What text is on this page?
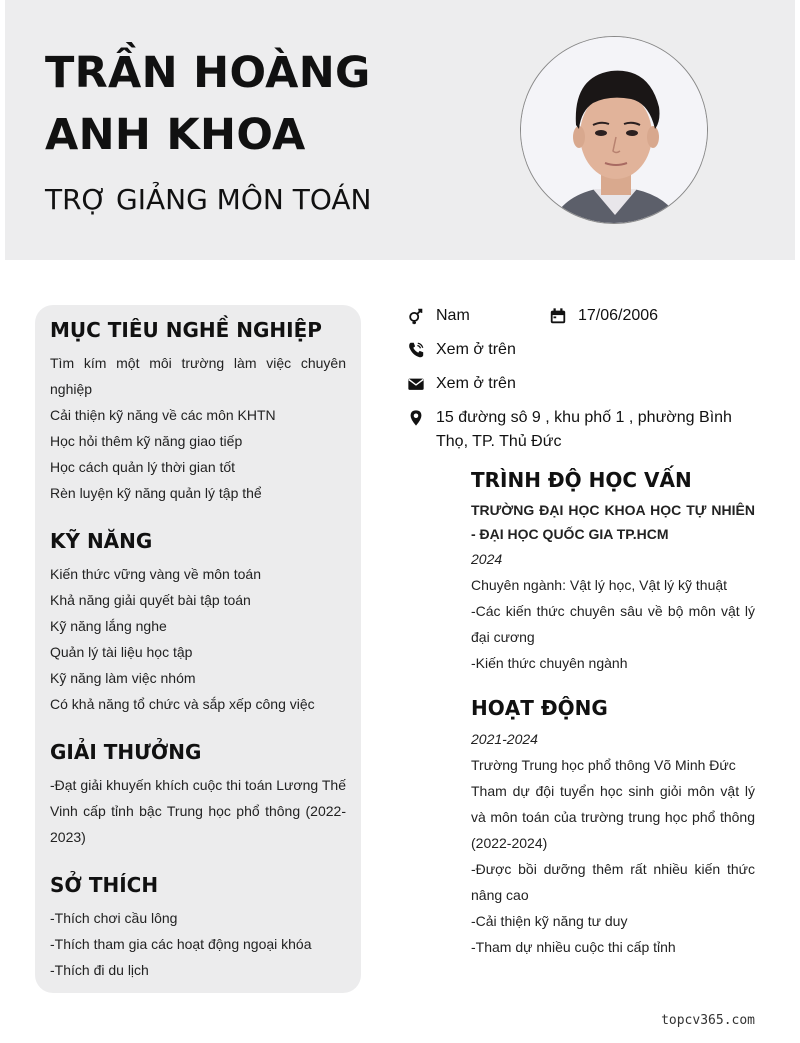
TRẦN HOÀNG
ANH KHOA
TRỢ GIẢNG MÔN TOÁN
MỤC TIÊU NGHỀ NGHIỆP

Tìm kím một môi trường làm việc chuyên nghiệp

Cải thiện kỹ năng về các môn KHTN

Học hỏi thêm kỹ năng giao tiếp

Học cách quản lý thời gian tốt

Rèn luyện kỹ năng quản lý tập thể

KỸ NĂNG

Kiến thức vững vàng về môn toán

Khả năng giải quyết bài tập toán

Kỹ năng lắng nghe

Quản lý tài liệu học tập

Kỹ năng làm việc nhóm

Có khả năng tổ chức và sắp xếp công việc

GIẢI THƯỞNG
-Đạt giải khuyến khích cuộc thi toán Lương Thế Vinh cấp tỉnh bậc Trung học phổ thông (2022-2023)
SỞ THÍCH

-Thích chơi cầu lông

-Thích tham gia các hoạt động ngoại khóa

-Thích đi du lịch

Nam	17/06/2006
Xem ở trên
Xem ở trên
15 đường sô 9 , khu phố 1 , phường Bình Thọ, TP. Thủ Đức
TRÌNH ĐỘ HỌC VẤN

TRƯỜNG ĐẠI HỌC KHOA HỌC TỰ NHIÊN - ĐẠI HỌC QUỐC GIA TP.HCM

2024

Chuyên ngành: Vật lý học, Vật lý kỹ thuật

-Các kiến thức chuyên sâu về bộ môn vật lý đại cương

-Kiến thức chuyên ngành

HOẠT ĐỘNG

2021-2024

Trường Trung học phổ thông Võ Minh Đức

Tham dự đội tuyển học sinh giỏi môn vật lý và môn toán của trường trung học phổ thông (2022-2024)

-Được bồi dưỡng thêm rất nhiều kiến thức nâng cao

-Cải thiện kỹ năng tư duy

-Tham dự nhiều cuộc thi cấp tỉnh

topcv365.com
